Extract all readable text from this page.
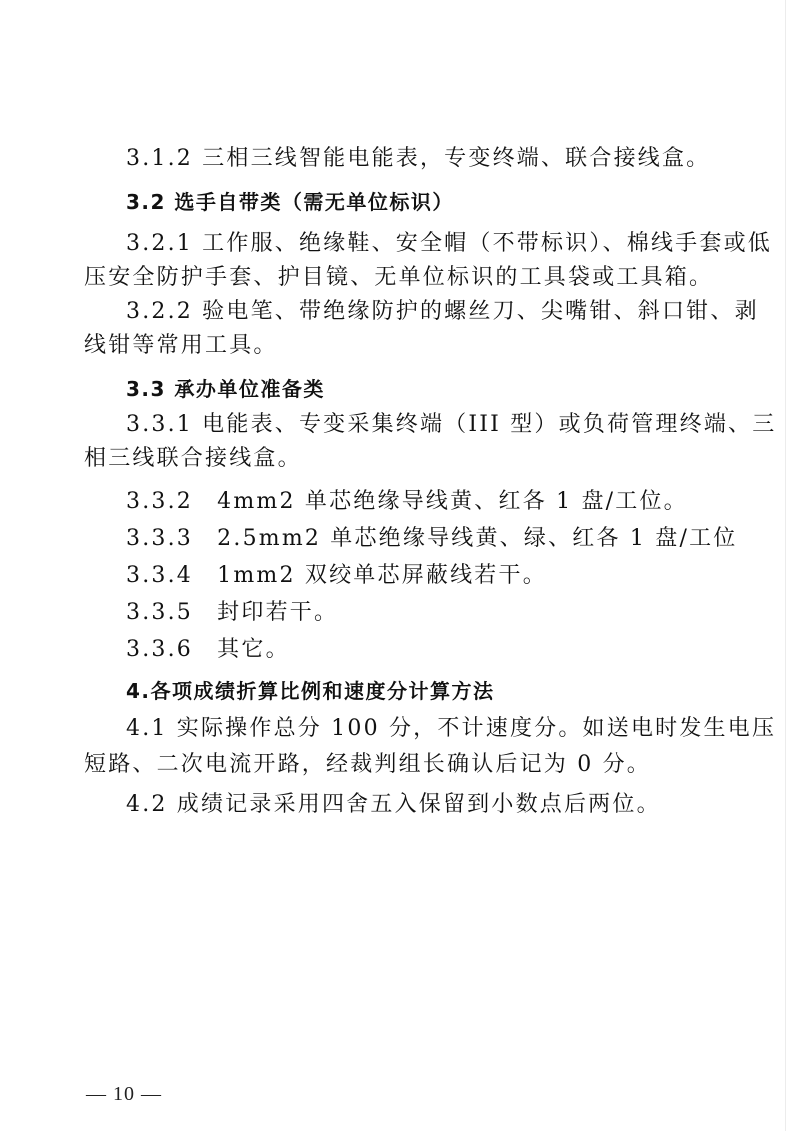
3.1.2 三相三线智能电能表，专变终端、联合接线盒。
3.2 选手自带类（需无单位标识）
3.2.1 工作服、绝缘鞋、安全帽（不带标识）、棉线手套或低
压安全防护手套、护目镜、无单位标识的工具袋或工具箱。
3.2.2 验电笔、带绝缘防护的螺丝刀、尖嘴钳、斜口钳、剥
线钳等常用工具。
3.3 承办单位准备类
3.3.1 电能表、专变采集终端（III 型）或负荷管理终端、三
相三线联合接线盒。
3.3.2　4mm2 单芯绝缘导线黄、红各 1 盘/工位。
3.3.3　2.5mm2 单芯绝缘导线黄、绿、红各 1 盘/工位
3.3.4　1mm2 双绞单芯屏蔽线若干。
3.3.5　封印若干。
3.3.6　其它。
4.各项成绩折算比例和速度分计算方法
4.1 实际操作总分 100 分，不计速度分。如送电时发生电压
短路、二次电流开路，经裁判组长确认后记为 0 分。
4.2 成绩记录采用四舍五入保留到小数点后两位。
— 10 —
